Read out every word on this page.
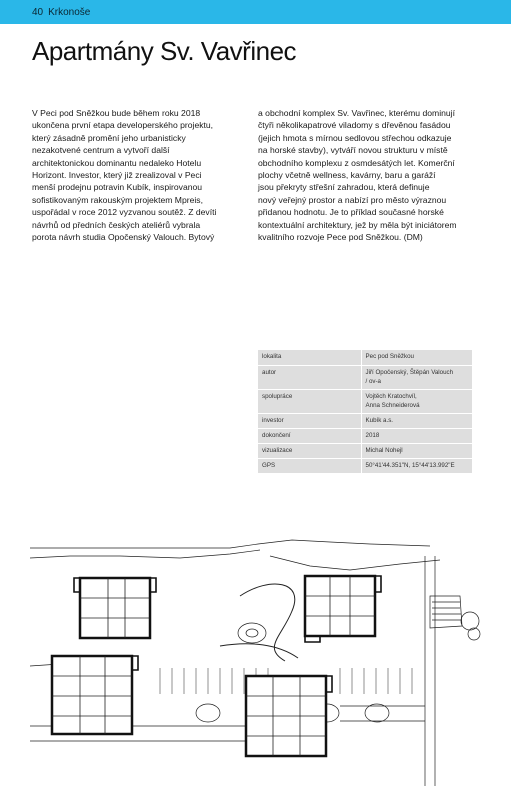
40 Krkonoše
Apartmány Sv. Vavřinec
V Peci pod Sněžkou bude během roku 2018
ukončena první etapa developerského projektu,
který zásadně promění jeho urbanisticky
nezakotvené centrum a vytvoří další
architektonickou dominantu nedaleko Hotelu
Horizont. Investor, který již zrealizoval v Peci
menší prodejnu potravin Kubík, inspirovanou
sofistikovaným rakouským projektem Mpreis,
uspořádal v roce 2012 vyzvanou soutěž. Z devíti
návrhů od předních českých ateliérů vybrala
porota návrh studia Opočenský Valouch. Bytový
a obchodní komplex Sv. Vavřinec, kterému dominují
čtyři několikapatrové viladomy s dřevěnou fasádou
(jejich hmota s mírnou sedlovou střechou odkazuje
na horské stavby), vytváří novou strukturu v místě
obchodního komplexu z osmdesátých let. Komerční
plochy včetně wellness, kavárny, baru a garáží
jsou překryty střešní zahradou, která definuje
nový veřejný prostor a nabízí pro město výraznou
přidanou hodnotu. Je to příklad současné horské
kontextuální architektury, jež by měla být iniciátorem
kvalitního rozvoje Pece pod Sněžkou. (DM)
lokalita	Pec pod Sněžkou
autor	Jiří Opočenský, Štěpán Valouch
/ ov-a

spolupráce	Vojtěch Kratochvíl,
Anna Schneiderová

investor	Kubík a.s.
dokončení	2018
vizualizace	Michal Nohejl
GPS	50°41'44.351"N, 15°44'13.992"E
